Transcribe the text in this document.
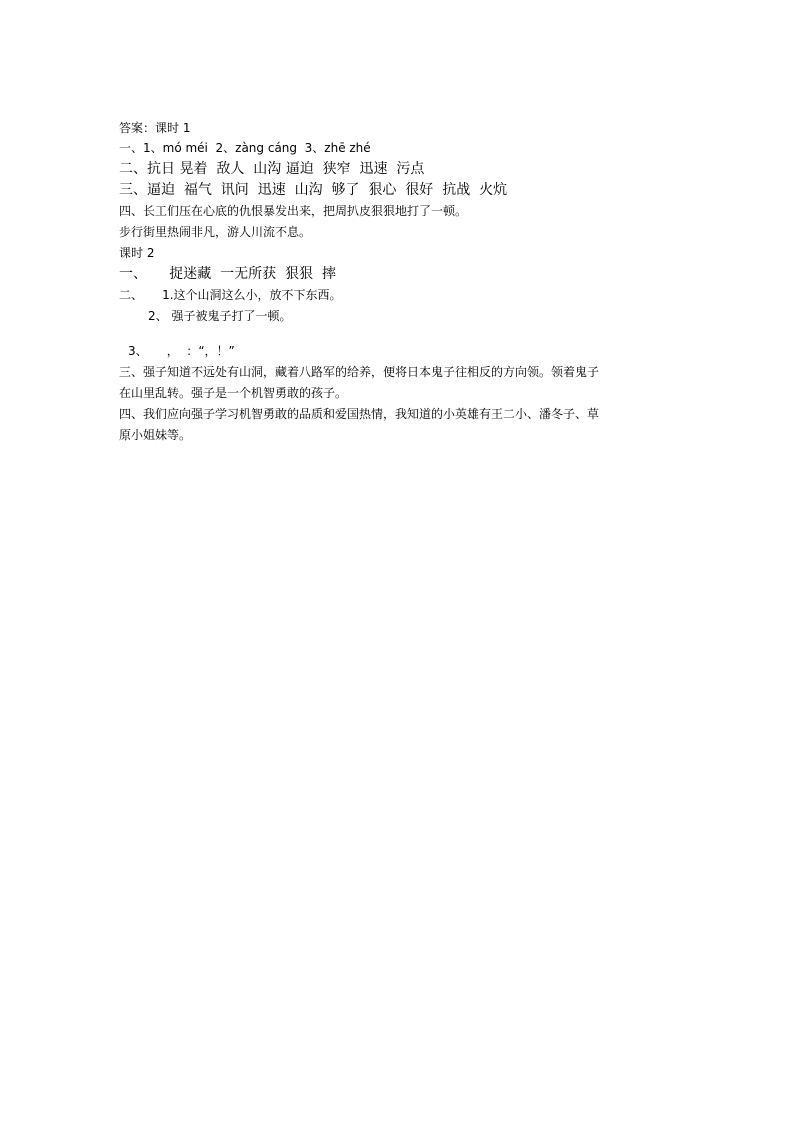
答案：课时 1
一、1、mó méi  2、zàng cáng  3、zhē zhé
二、抗日 晃着  敌人  山沟 逼迫  狭窄  迅速  污点
三、逼迫  福气  讯问  迅速  山沟  够了  狠心  很好  抗战  火炕
四、长工们压在心底的仇恨暴发出来，把周扒皮狠狠地打了一顿。
步行街里热闹非凡，游人川流不息。
课时 2
一、     捉迷藏  一无所获  狠狠  摔
二、     1.这个山洞这么小，放不下东西。
2、 强子被鬼子打了一顿。
3、     ，  ：“，！”
三、强子知道不远处有山洞，藏着八路军的给养，便将日本鬼子往相反的方向领。领着鬼子
在山里乱转。强子是一个机智勇敢的孩子。
四、我们应向强子学习机智勇敢的品质和爱国热情，我知道的小英雄有王二小、潘冬子、草
原小姐妹等。
